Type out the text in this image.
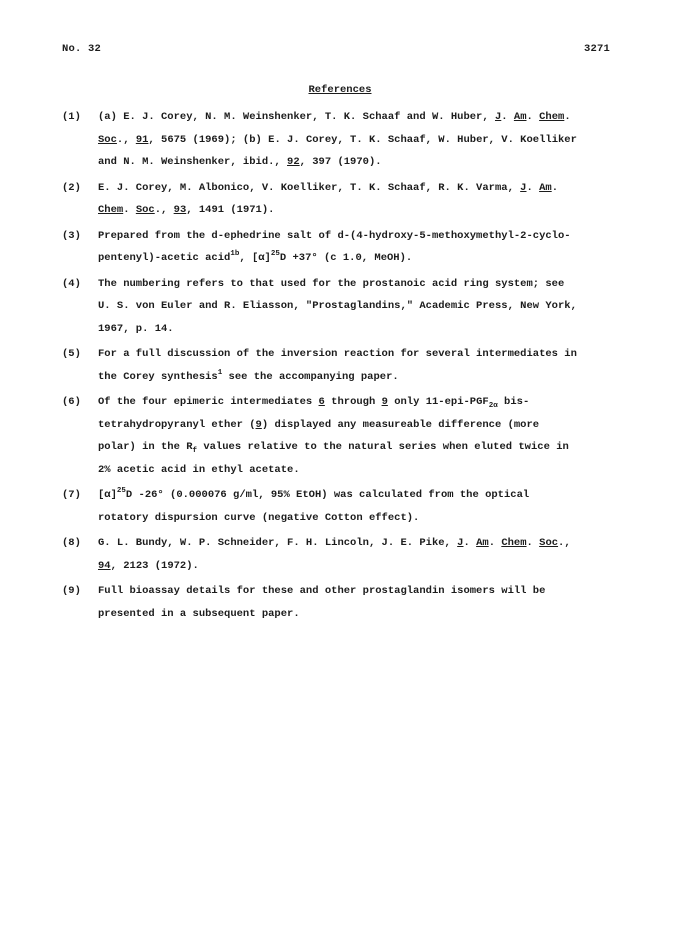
No. 32	3271
References
(1)	(a) E. J. Corey, N. M. Weinshenker, T. K. Schaaf and W. Huber, J. Am. Chem.
Soc., 91, 5675 (1969); (b) E. J. Corey, T. K. Schaaf, W. Huber, V. Koelliker
and N. M. Weinshenker, ibid., 92, 397 (1970).
(2)	E. J. Corey, M. Albonico, V. Koelliker, T. K. Schaaf, R. K. Varma, J. Am.
Chem. Soc., 93, 1491 (1971).
(3)	Prepared from the d-ephedrine salt of d-(4-hydroxy-5-methoxymethyl-2-cyclo-
pentenyl)-acetic acid$^{1b}$, $[\alpha]^{25}D +37^\circ$ (c 1.0, MeOH).
(4)	The numbering refers to that used for the prostanoic acid ring system; see
U. S. von Euler and R. Eliasson, "Prostaglandins," Academic Press, New York,
1967, p. 14.
(5)	For a full discussion of the inversion reaction for several intermediates in
the Corey synthesis$^1$ see the accompanying paper.
(6)	Of the four epimeric intermediates 6 through 9 only $11-epi-PGF_{2\alpha}$ bis-
tetrahydropyranyl ether (9) displayed any measureable difference (more
polar) in the $R_f$ values relative to the natural series when eluted twice in
2% acetic acid in ethyl acetate.
(7)	$[\alpha]^{25}D$ -26° (0.000076 g/ml, 95% EtOH) was calculated from the optical
rotatory dispursion curve (negative Cotton effect).
(8)	G. L. Bundy, W. P. Schneider, F. H. Lincoln, J. E. Pike, J. Am. Chem. Soc.,
94, 2123 (1972).
(9)	Full bioassay details for these and other prostaglandin isomers will be
presented in a subsequent paper.
